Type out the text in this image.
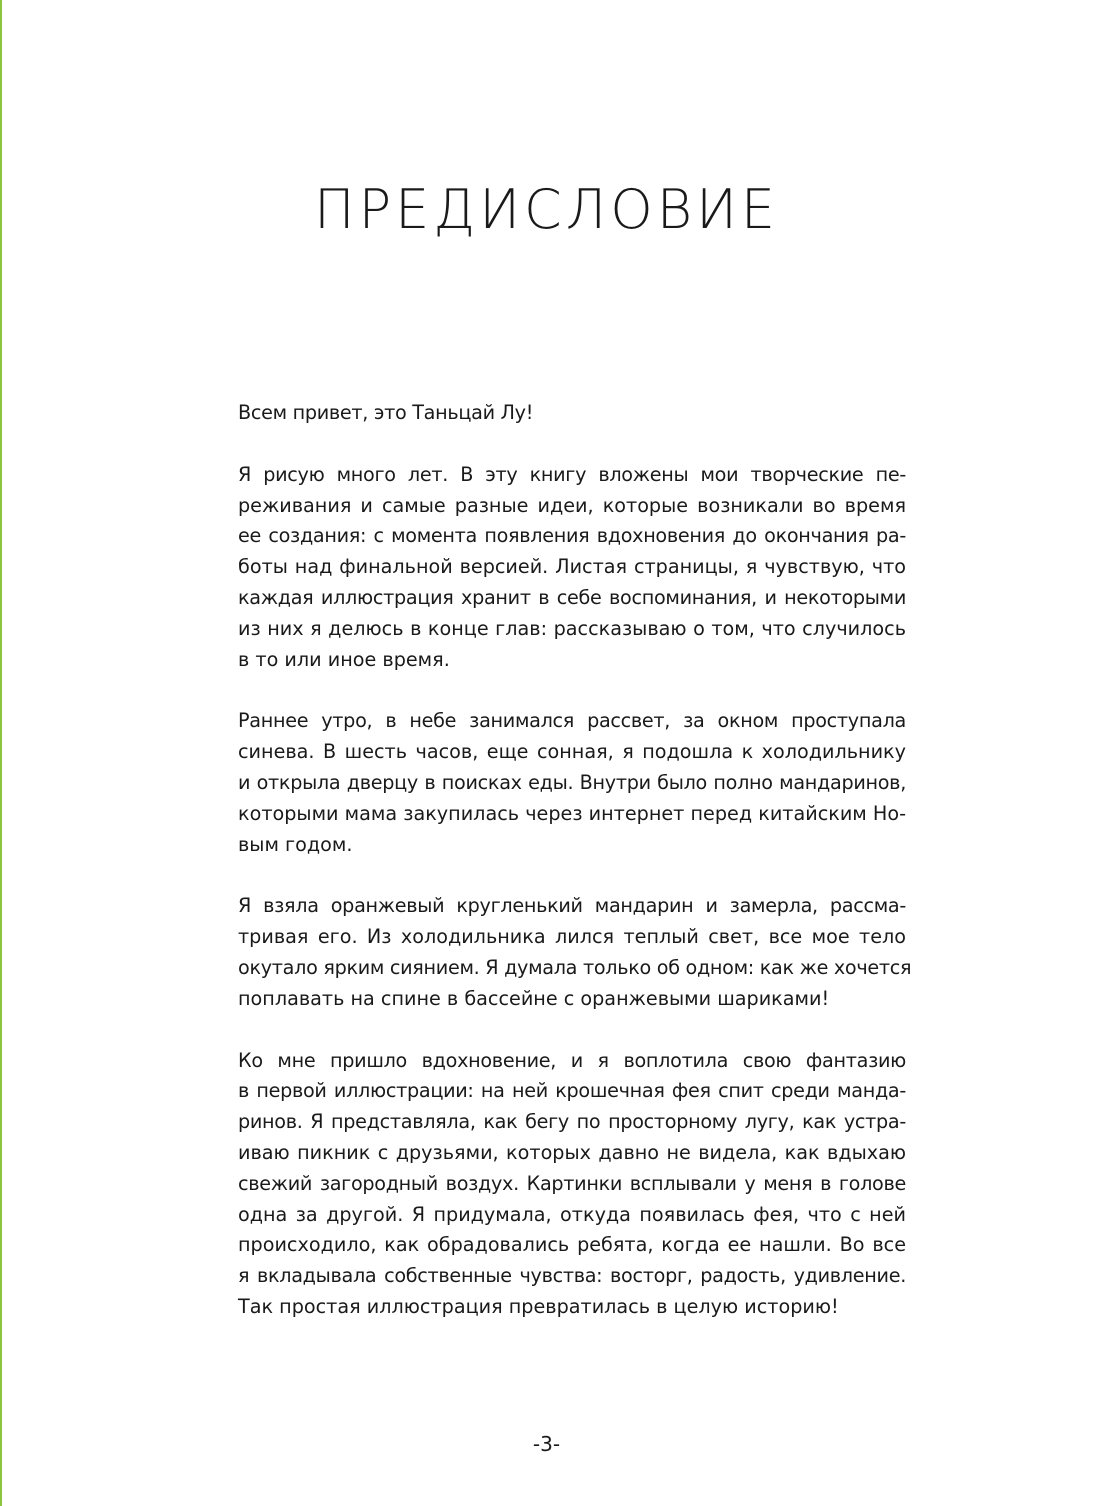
ПРЕДИСЛОВИЕ

Всем привет, это Таньцай Лу!

Я рисую много лет. В эту книгу вложены мои творческие пе-
реживания и самые разные идеи, которые возникали во время
ее создания: с момента появления вдохновения до окончания ра-
боты над финальной версией. Листая страницы, я чувствую, что
каждая иллюстрация хранит в себе воспоминания, и некоторыми
из них я делюсь в конце глав: рассказываю о том, что случилось
в то или иное время.

Раннее утро, в небе занимался рассвет, за окном проступала
синева. В шесть часов, еще сонная, я подошла к холодильнику
и открыла дверцу в поисках еды. Внутри было полно мандаринов,
которыми мама закупилась через интернет перед китайским Но-
вым годом.

Я взяла оранжевый кругленький мандарин и замерла, рассма-
тривая его. Из холодильника лился теплый свет, все мое тело
окутало ярким сиянием. Я думала только об одном: как же хочется
поплавать на спине в бассейне с оранжевыми шариками!

Ко мне пришло вдохновение, и я воплотила свою фантазию
в первой иллюстрации: на ней крошечная фея спит среди манда-
ринов. Я представляла, как бегу по просторному лугу, как устра-
иваю пикник с друзьями, которых давно не видела, как вдыхаю
свежий загородный воздух. Картинки всплывали у меня в голове
одна за другой. Я придумала, откуда появилась фея, что с ней
происходило, как обрадовались ребята, когда ее нашли. Во все
я вкладывала собственные чувства: восторг, радость, удивление.
Так простая иллюстрация превратилась в целую историю!

-3-
